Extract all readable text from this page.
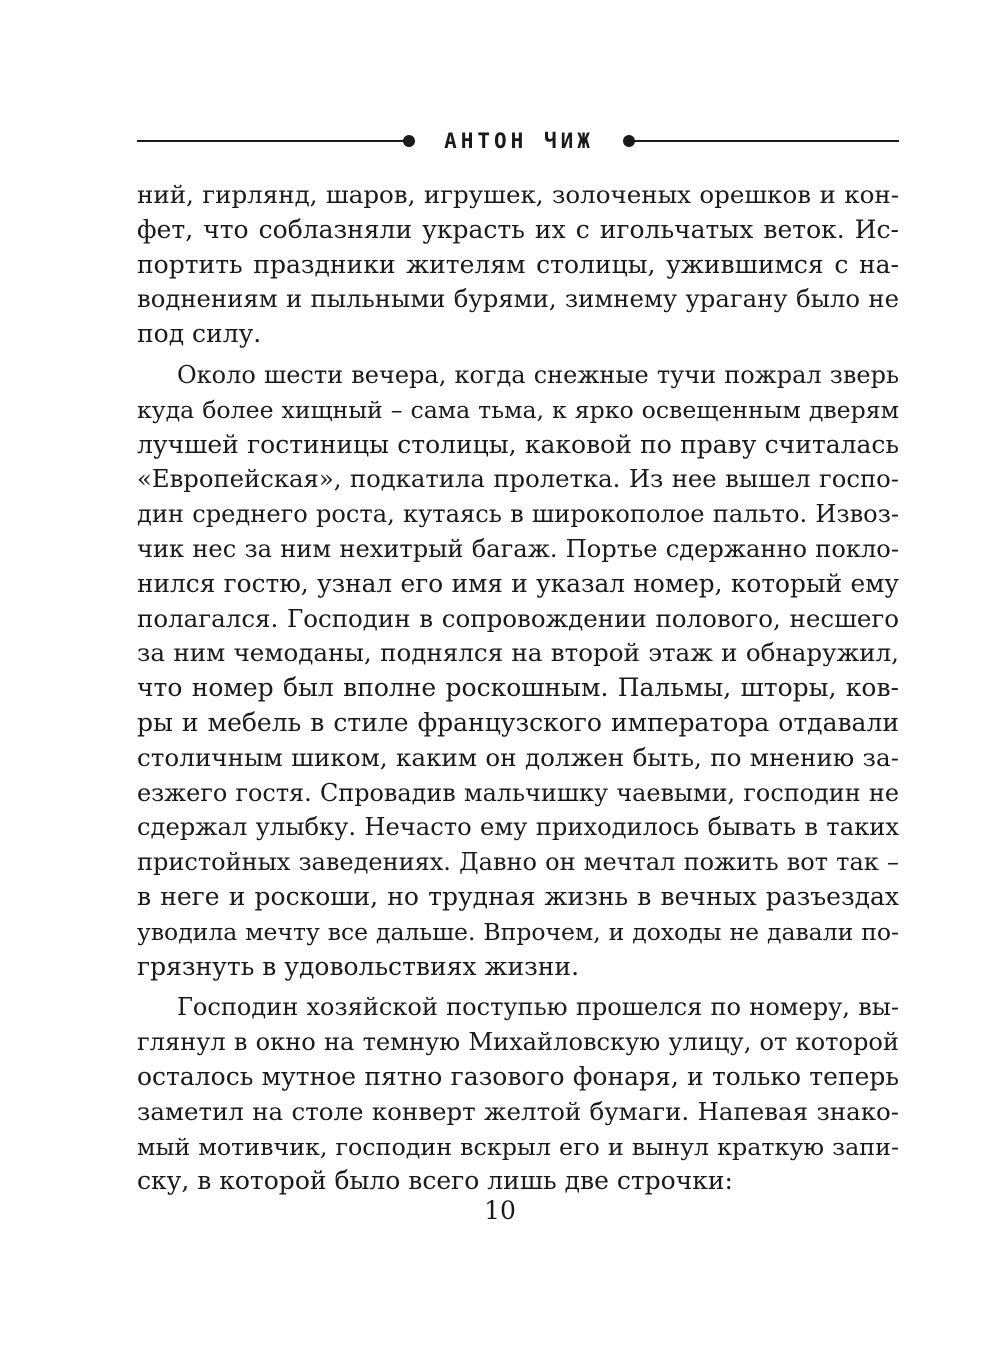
АНТОН ЧИЖ
ний, гирлянд, шаров, игрушек, золоченых орешков и кон-
фет, что соблазняли украсть их с игольчатых веток. Ис-
портить праздники жителям столицы, ужившимся с на-
воднениям и пыльными бурями, зимнему урагану было не
под силу.
Около шести вечера, когда снежные тучи пожрал зверь
куда более хищный – сама тьма, к ярко освещенным дверям
лучшей гостиницы столицы, каковой по праву считалась
«Европейская», подкатила пролетка. Из нее вышел госпо-
дин среднего роста, кутаясь в широкополое пальто. Извоз-
чик нес за ним нехитрый багаж. Портье сдержанно покло-
нился гостю, узнал его имя и указал номер, который ему
полагался. Господин в сопровождении полового, несшего
за ним чемоданы, поднялся на второй этаж и обнаружил,
что номер был вполне роскошным. Пальмы, шторы, ков-
ры и мебель в стиле французского императора отдавали
столичным шиком, каким он должен быть, по мнению за-
езжего гостя. Спровадив мальчишку чаевыми, господин не
сдержал улыбку. Нечасто ему приходилось бывать в таких
пристойных заведениях. Давно он мечтал пожить вот так –
в неге и роскоши, но трудная жизнь в вечных разъездах
уводила мечту все дальше. Впрочем, и доходы не давали по-
грязнуть в удовольствиях жизни.
Господин хозяйской поступью прошелся по номеру, вы-
глянул в окно на темную Михайловскую улицу, от которой
осталось мутное пятно газового фонаря, и только теперь
заметил на столе конверт желтой бумаги. Напевая знако-
мый мотивчик, господин вскрыл его и вынул краткую запи-
ску, в которой было всего лишь две строчки:
10
